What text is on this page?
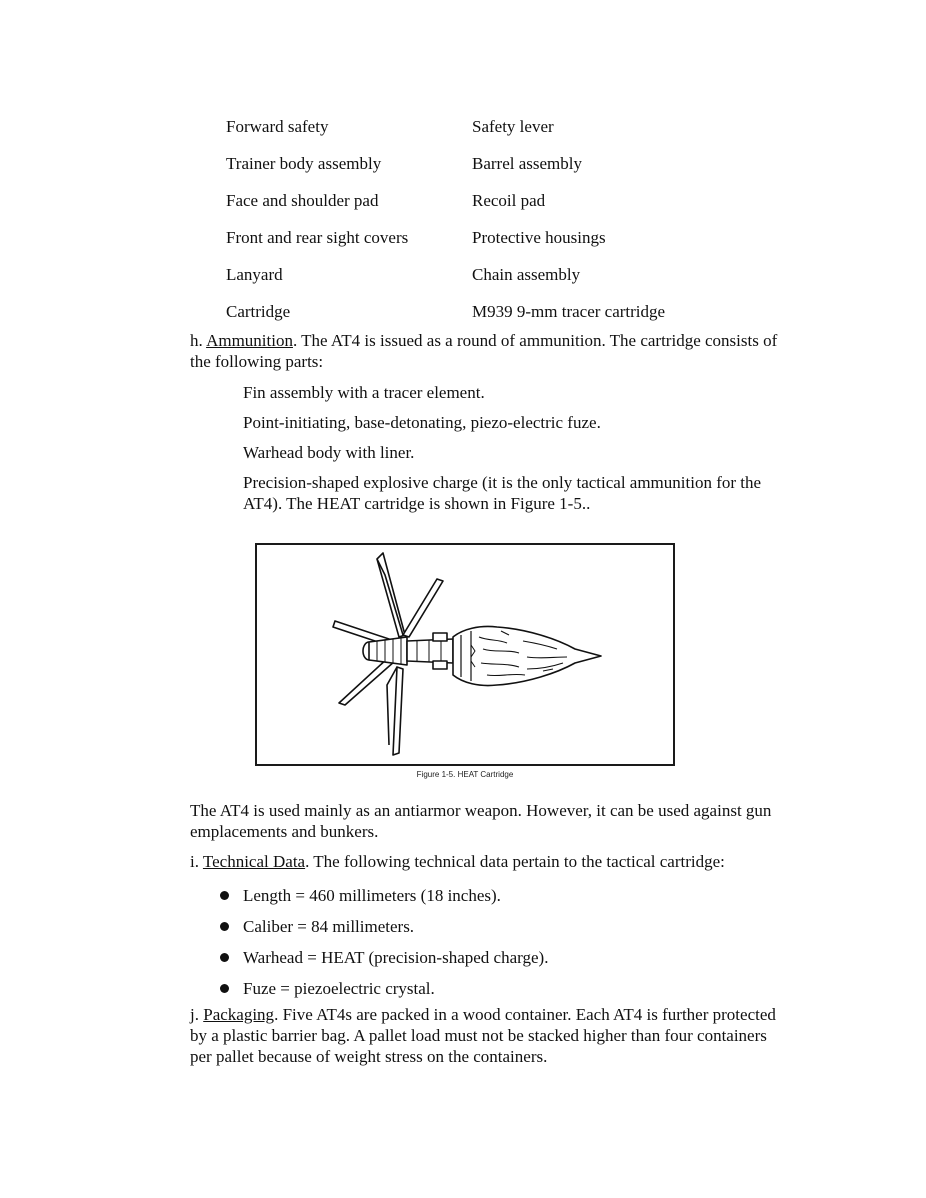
Forward safety	Safety lever
Trainer body assembly	Barrel assembly
Face and shoulder pad	Recoil pad
Front and rear sight covers	Protective housings
Lanyard	Chain assembly
Cartridge	M939 9-mm tracer cartridge
h. Ammunition. The AT4 is issued as a round of ammunition. The cartridge consists of the following parts:
Fin assembly with a tracer element.
Point-initiating, base-detonating, piezo-electric fuze.
Warhead body with liner.
Precision-shaped explosive charge (it is the only tactical ammunition for the AT4). The HEAT cartridge is shown in Figure 1-5..
Figure 1-5. HEAT Cartridge
The AT4 is used mainly as an antiarmor weapon. However, it can be used against gun emplacements and bunkers.
i. Technical Data. The following technical data pertain to the tactical cartridge:
Length = 460 millimeters (18 inches).
Caliber = 84 millimeters.
Warhead = HEAT (precision-shaped charge).
Fuze = piezoelectric crystal.
j. Packaging. Five AT4s are packed in a wood container. Each AT4 is further protected by a plastic barrier bag. A pallet load must not be stacked higher than four containers per pallet because of weight stress on the containers.
